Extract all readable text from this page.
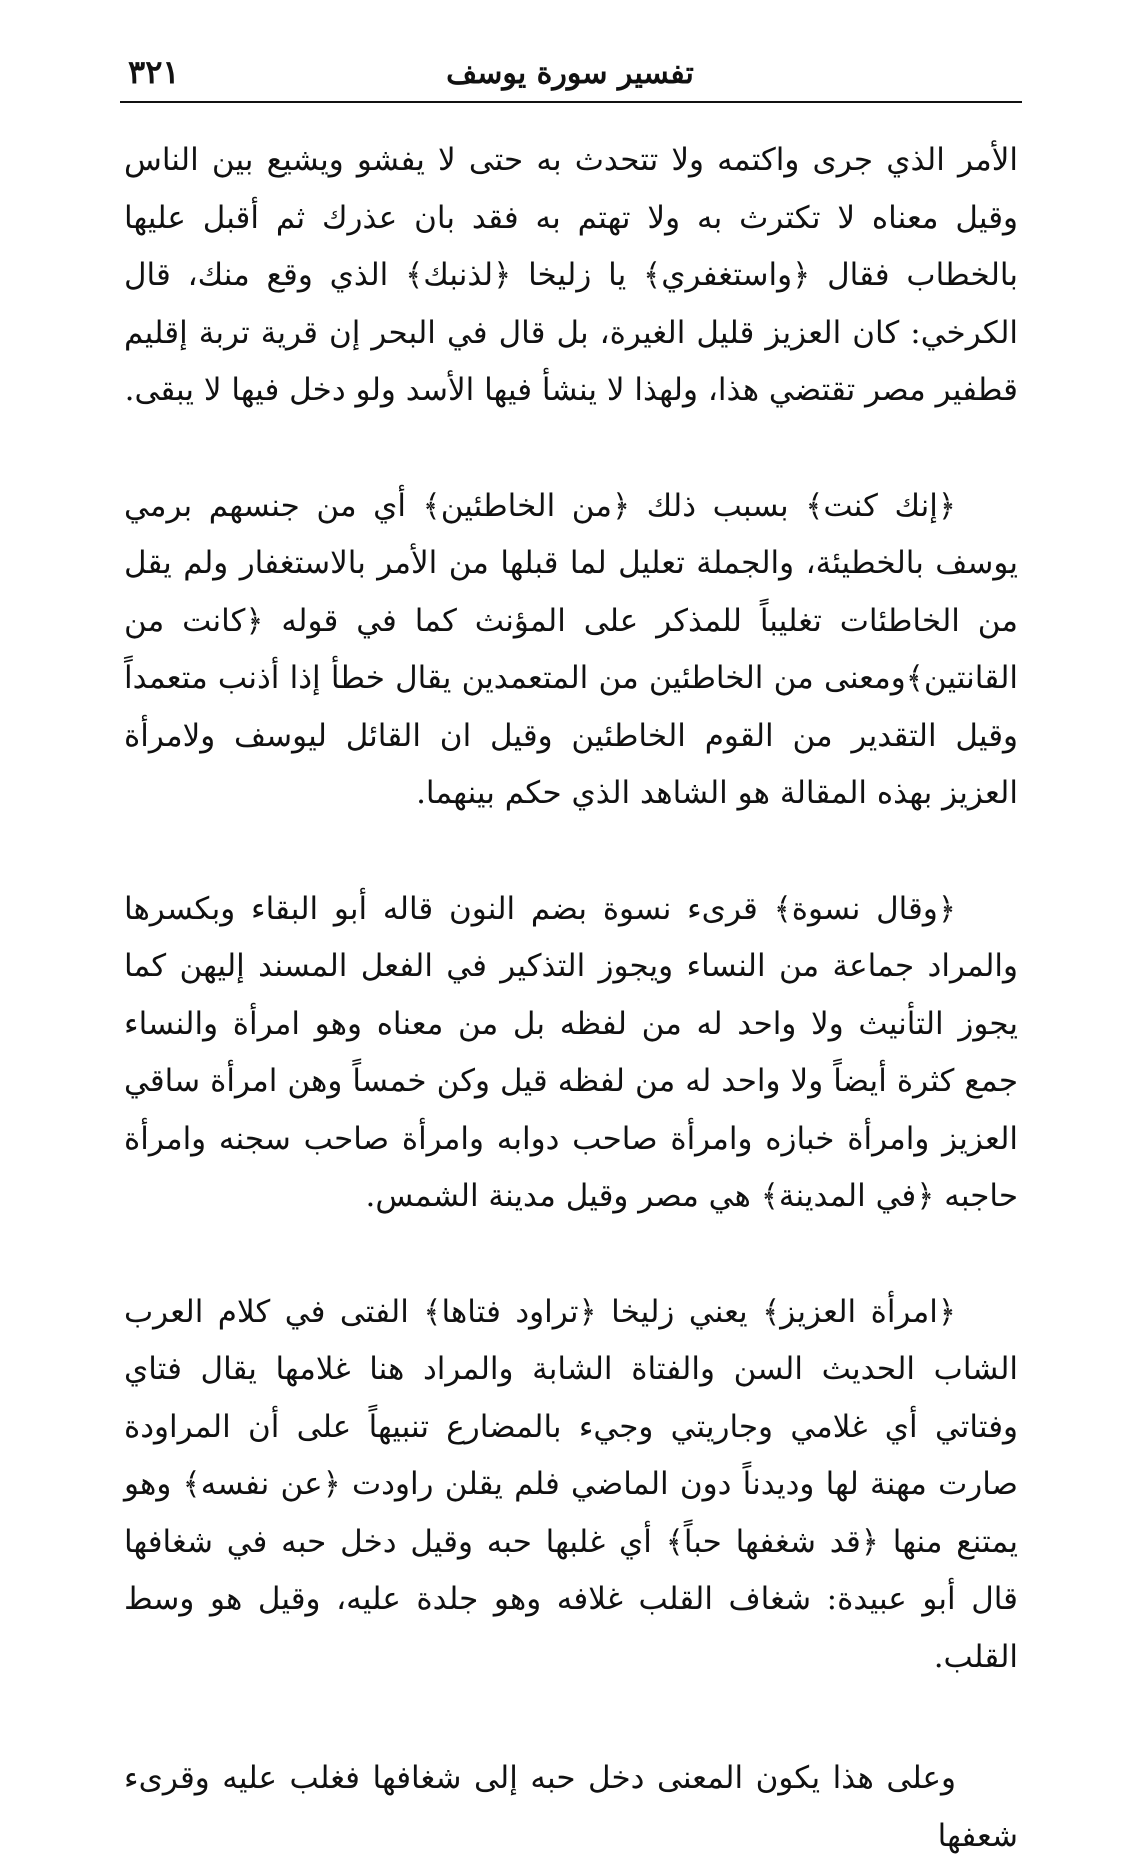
تفسير سورة يوسف
٣٢١

الأمر الذي جرى واكتمه ولا تتحدث به حتى لا يفشو ويشيع بين الناس وقيل معناه لا تكترث به ولا تهتم به فقد بان عذرك ثم أقبل عليها بالخطاب فقال ﴿واستغفري﴾ يا زليخا ﴿لذنبك﴾ الذي وقع منك، قال الكرخي: كان العزيز قليل الغيرة، بل قال في البحر إن قرية تربة إقليم قطفير مصر تقتضي هذا، ولهذا لا ينشأ فيها الأسد ولو دخل فيها لا يبقى.

﴿إنك كنت﴾ بسبب ذلك ﴿من الخاطئين﴾ أي من جنسهم برمي يوسف بالخطيئة، والجملة تعليل لما قبلها من الأمر بالاستغفار ولم يقل من الخاطئات تغليباً للمذكر على المؤنث كما في قوله ﴿كانت من القانتين﴾ومعنى من الخاطئين من المتعمدين يقال خطأ إذا أذنب متعمداً وقيل التقدير من القوم الخاطئين وقيل ان القائل ليوسف ولامرأة العزيز بهذه المقالة هو الشاهد الذي حكم بينهما.

﴿وقال نسوة﴾ قرىء نسوة بضم النون قاله أبو البقاء وبكسرها والمراد جماعة من النساء ويجوز التذكير في الفعل المسند إليهن كما يجوز التأنيث ولا واحد له من لفظه بل من معناه وهو امرأة والنساء جمع كثرة أيضاً ولا واحد له من لفظه قيل وكن خمساً وهن امرأة ساقي العزيز وامرأة خبازه وامرأة صاحب دوابه وامرأة صاحب سجنه وامرأة حاجبه ﴿في المدينة﴾ هي مصر وقيل مدينة الشمس.

﴿امرأة العزيز﴾ يعني زليخا ﴿تراود فتاها﴾ الفتى في كلام العرب الشاب الحديث السن والفتاة الشابة والمراد هنا غلامها يقال فتاي وفتاتي أي غلامي وجاريتي وجيء بالمضارع تنبيهاً على أن المراودة صارت مهنة لها وديدناً دون الماضي فلم يقلن راودت ﴿عن نفسه﴾ وهو يمتنع منها ﴿قد شغفها حباً﴾ أي غلبها حبه وقيل دخل حبه في شغافها قال أبو عبيدة: شغاف القلب غلافه وهو جلدة عليه، وقيل هو وسط القلب.

وعلى هذا يكون المعنى دخل حبه إلى شغافها فغلب عليه وقرىء شعفها
